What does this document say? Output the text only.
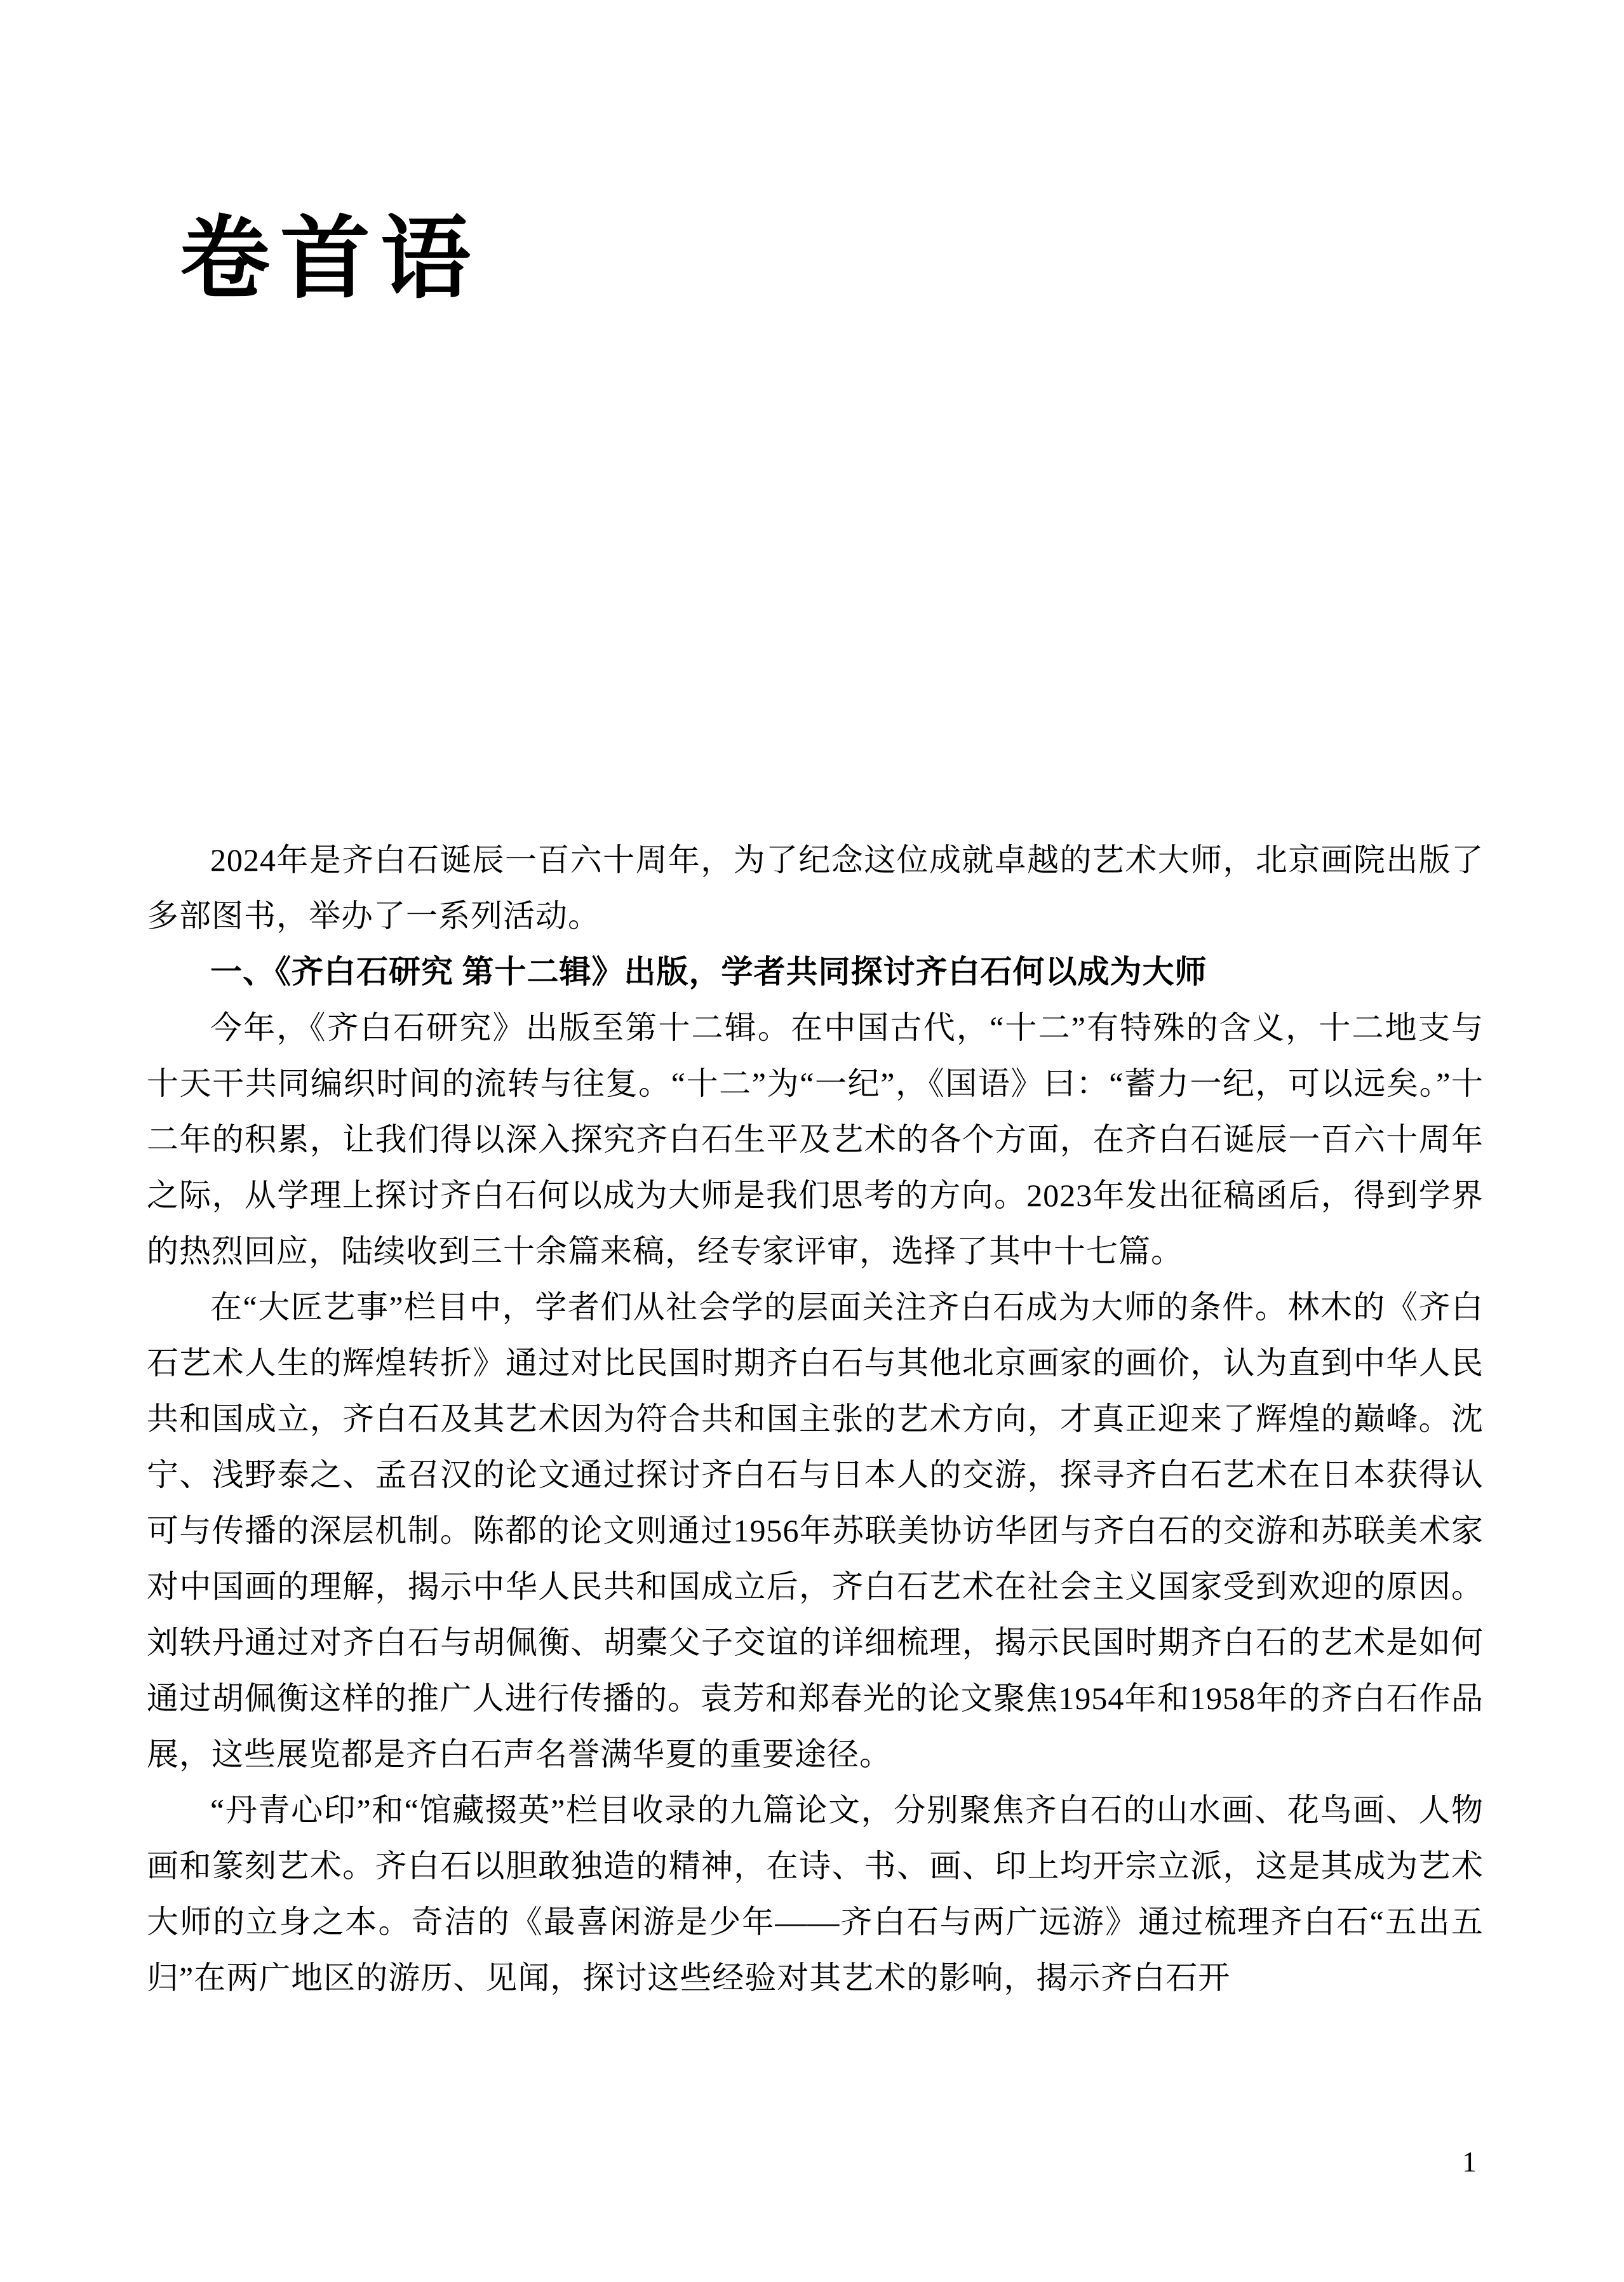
卷首语

2024年是齐白石诞辰一百六十周年，为了纪念这位成就卓越的艺术大师，北京画院出版了多部图书，举办了一系列活动。

一、《齐白石研究 第十二辑》出版，学者共同探讨齐白石何以成为大师

今年，《齐白石研究》出版至第十二辑。在中国古代，“十二”有特殊的含义，十二地支与十天干共同编织时间的流转与往复。“十二”为“一纪”，《国语》曰：“蓄力一纪，可以远矣。”十二年的积累，让我们得以深入探究齐白石生平及艺术的各个方面，在齐白石诞辰一百六十周年之际，从学理上探讨齐白石何以成为大师是我们思考的方向。2023年发出征稿函后，得到学界的热烈回应，陆续收到三十余篇来稿，经专家评审，选择了其中十七篇。

在“大匠艺事”栏目中，学者们从社会学的层面关注齐白石成为大师的条件。林木的《齐白石艺术人生的辉煌转折》通过对比民国时期齐白石与其他北京画家的画价，认为直到中华人民共和国成立，齐白石及其艺术因为符合共和国主张的艺术方向，才真正迎来了辉煌的巅峰。沈宁、浅野泰之、孟召汉的论文通过探讨齐白石与日本人的交游，探寻齐白石艺术在日本获得认可与传播的深层机制。陈都的论文则通过1956年苏联美协访华团与齐白石的交游和苏联美术家对中国画的理解，揭示中华人民共和国成立后，齐白石艺术在社会主义国家受到欢迎的原因。刘轶丹通过对齐白石与胡佩衡、胡橐父子交谊的详细梳理，揭示民国时期齐白石的艺术是如何通过胡佩衡这样的推广人进行传播的。袁芳和郑春光的论文聚焦1954年和1958年的齐白石作品展，这些展览都是齐白石声名誉满华夏的重要途径。

“丹青心印”和“馆藏掇英”栏目收录的九篇论文，分别聚焦齐白石的山水画、花鸟画、人物画和篆刻艺术。齐白石以胆敢独造的精神，在诗、书、画、印上均开宗立派，这是其成为艺术大师的立身之本。奇洁的《最喜闲游是少年——齐白石与两广远游》通过梳理齐白石“五出五归”在两广地区的游历、见闻，探讨这些经验对其艺术的影响，揭示齐白石开

1
